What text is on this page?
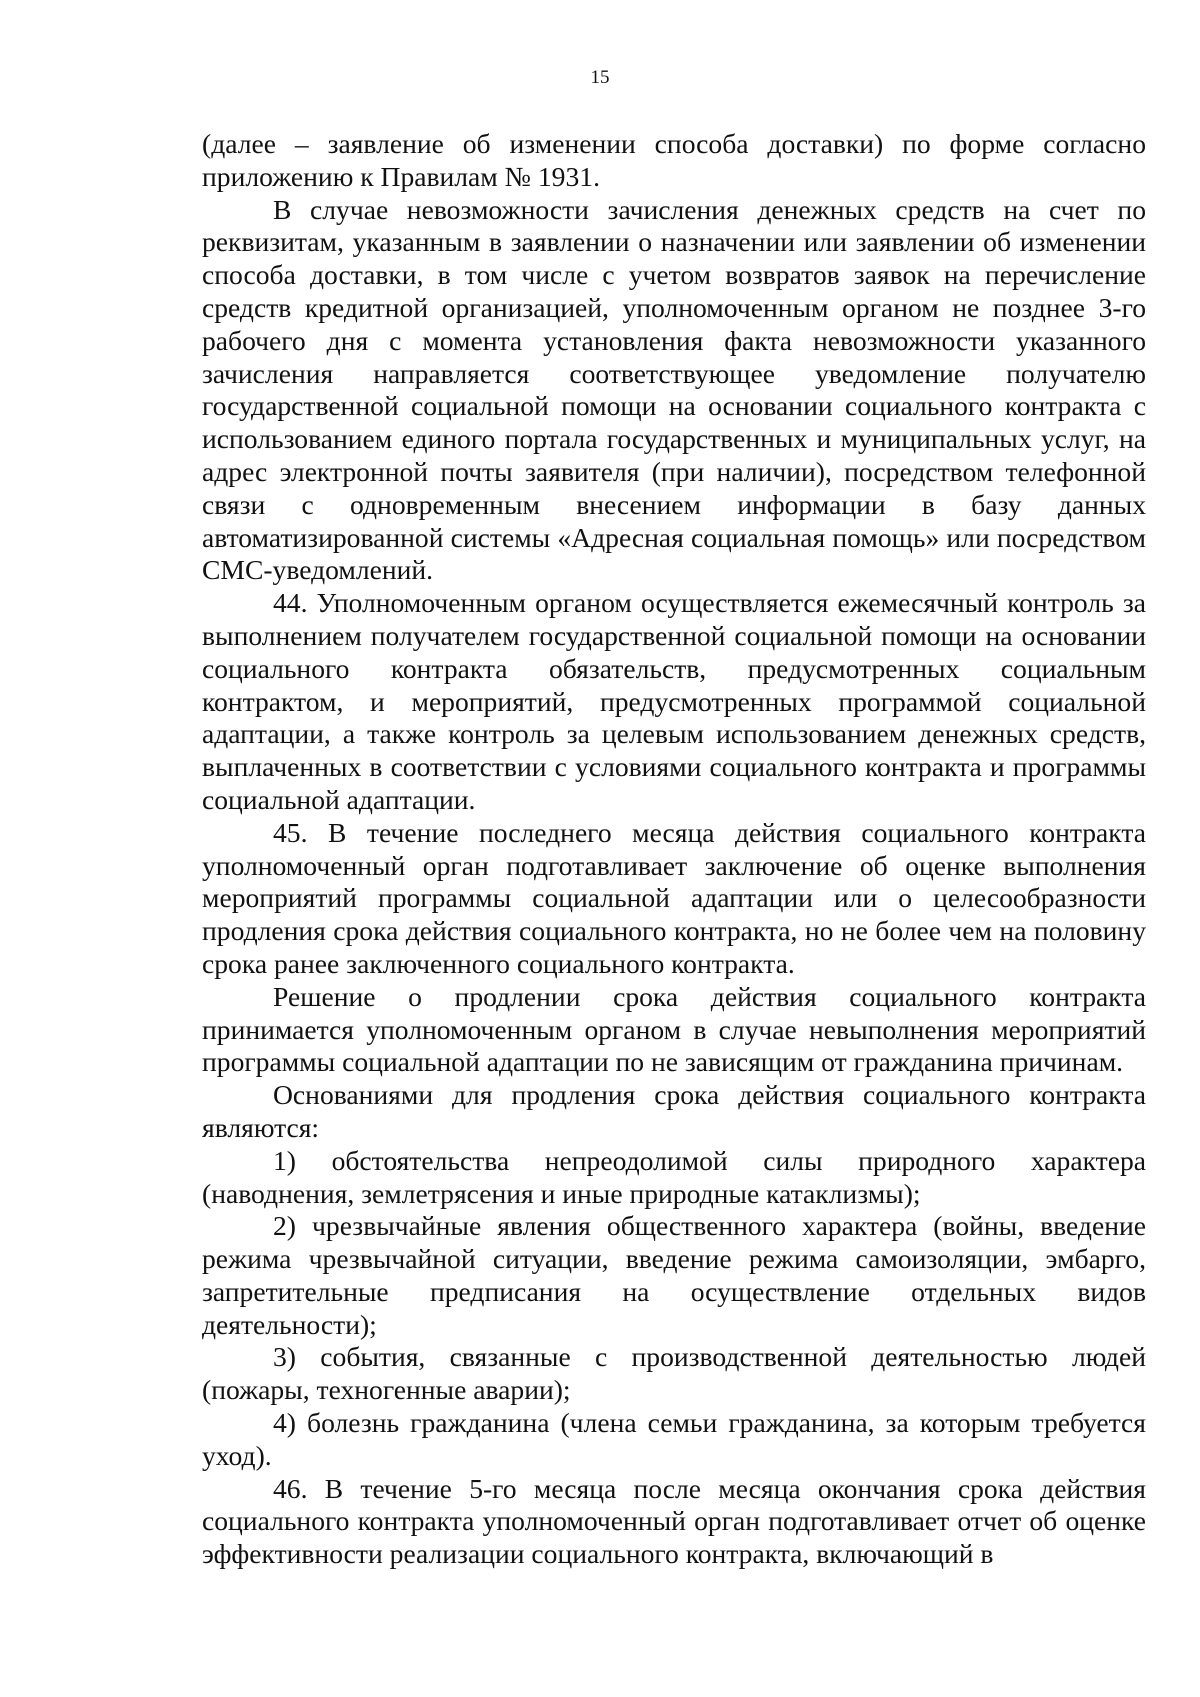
15

(далее – заявление об изменении способа доставки) по форме согласно приложению к Правилам № 1931.

В случае невозможности зачисления денежных средств на счет по реквизитам, указанным в заявлении о назначении или заявлении об изменении способа доставки, в том числе с учетом возвратов заявок на перечисление средств кредитной организацией, уполномоченным органом не позднее 3-го рабочего дня с момента установления факта невозможности указанного зачисления направляется соответствующее уведомление получателю государственной социальной помощи на основании социального контракта с использованием единого портала государственных и муниципальных услуг, на адрес электронной почты заявителя (при наличии), посредством телефонной связи с одновременным внесением информации в базу данных автоматизированной системы «Адресная социальная помощь» или посредством СМС-уведомлений.

44. Уполномоченным органом осуществляется ежемесячный контроль за выполнением получателем государственной социальной помощи на основании социального контракта обязательств, предусмотренных социальным контрактом, и мероприятий, предусмотренных программой социальной адаптации, а также контроль за целевым использованием денежных средств, выплаченных в соответствии с условиями социального контракта и программы социальной адаптации.

45. В течение последнего месяца действия социального контракта уполномоченный орган подготавливает заключение об оценке выполнения мероприятий программы социальной адаптации или о целесообразности продления срока действия социального контракта, но не более чем на половину срока ранее заключенного социального контракта.

Решение о продлении срока действия социального контракта принимается уполномоченным органом в случае невыполнения мероприятий программы социальной адаптации по не зависящим от гражданина причинам.

Основаниями для продления срока действия социального контракта являются:

1) обстоятельства непреодолимой силы природного характера (наводнения, землетрясения и иные природные катаклизмы);

2) чрезвычайные явления общественного характера (войны, введение режима чрезвычайной ситуации, введение режима самоизоляции, эмбарго, запретительные предписания на осуществление отдельных видов деятельности);

3) события, связанные с производственной деятельностью людей (пожары, техногенные аварии);

4) болезнь гражданина (члена семьи гражданина, за которым требуется уход).

46. В течение 5-го месяца после месяца окончания срока действия социального контракта уполномоченный орган подготавливает отчет об оценке эффективности реализации социального контракта, включающий в
